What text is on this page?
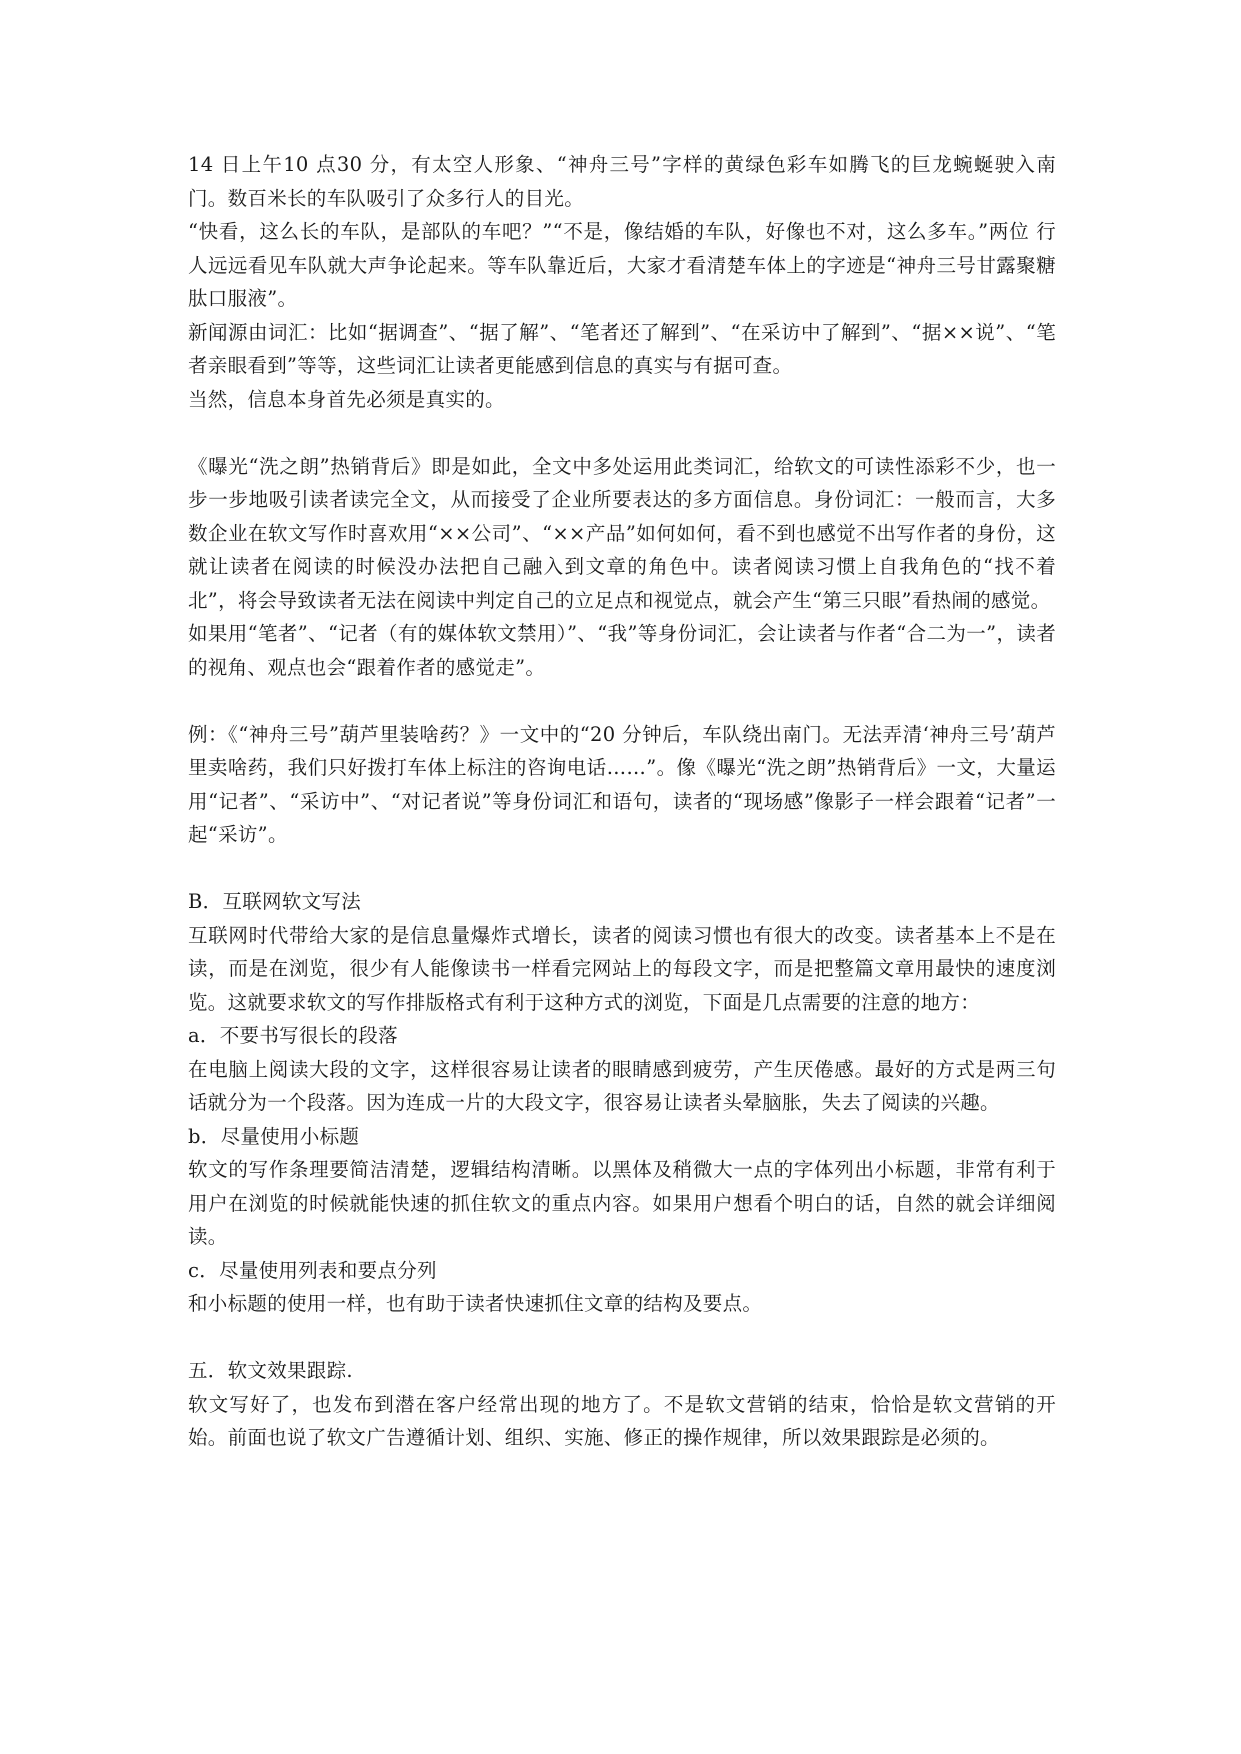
14 日上午10 点30 分，有太空人形象、“神舟三号”字样的黄绿色彩车如腾飞的巨龙蜿蜒驶入南门。数百米长的车队吸引了众多行人的目光。

“快看，这么长的车队，是部队的车吧？”“不是，像结婚的车队，好像也不对，这么多车。”两位 行人远远看见车队就大声争论起来。等车队靠近后，大家才看清楚车体上的字迹是“神舟三号甘露聚糖肽口服液”。

新闻源由词汇：比如“据调查”、“据了解”、“笔者还了解到”、“在采访中了解到”、“据××说”、“笔者亲眼看到”等等，这些词汇让读者更能感到信息的真实与有据可查。

当然，信息本身首先必须是真实的。

《曝光“洗之朗”热销背后》即是如此，全文中多处运用此类词汇，给软文的可读性添彩不少，也一步一步地吸引读者读完全文，从而接受了企业所要表达的多方面信息。身份词汇：一般而言，大多数企业在软文写作时喜欢用“××公司”、“××产品”如何如何，看不到也感觉不出写作者的身份，这就让读者在阅读的时候没办法把自己融入到文章的角色中。读者阅读习惯上自我角色的“找不着北”，将会导致读者无法在阅读中判定自己的立足点和视觉点，就会产生“第三只眼”看热闹的感觉。

如果用“笔者”、“记者（有的媒体软文禁用）”、“我”等身份词汇，会让读者与作者“合二为一”，读者的视角、观点也会“跟着作者的感觉走”。

例：《“神舟三号”葫芦里装啥药？》一文中的“20 分钟后，车队绕出南门。无法弄清‘神舟三号’葫芦里卖啥药，我们只好拨打车体上标注的咨询电话……”。像《曝光“洗之朗”热销背后》一文，大量运用“记者”、“采访中”、“对记者说”等身份词汇和语句，读者的“现场感”像影子一样会跟着“记者”一起“采访”。

B．互联网软文写法

互联网时代带给大家的是信息量爆炸式增长，读者的阅读习惯也有很大的改变。读者基本上不是在读，而是在浏览，很少有人能像读书一样看完网站上的每段文字，而是把整篇文章用最快的速度浏览。这就要求软文的写作排版格式有利于这种方式的浏览，下面是几点需要的注意的地方：

a．不要书写很长的段落

在电脑上阅读大段的文字，这样很容易让读者的眼睛感到疲劳，产生厌倦感。最好的方式是两三句话就分为一个段落。因为连成一片的大段文字，很容易让读者头晕脑胀，失去了阅读的兴趣。

b．尽量使用小标题

软文的写作条理要简洁清楚，逻辑结构清晰。以黑体及稍微大一点的字体列出小标题，非常有利于用户在浏览的时候就能快速的抓住软文的重点内容。如果用户想看个明白的话，自然的就会详细阅读。

c．尽量使用列表和要点分列

和小标题的使用一样，也有助于读者快速抓住文章的结构及要点。

五．软文效果跟踪.

软文写好了，也发布到潜在客户经常出现的地方了。不是软文营销的结束，恰恰是软文营销的开始。前面也说了软文广告遵循计划、组织、实施、修正的操作规律，所以效果跟踪是必须的。
